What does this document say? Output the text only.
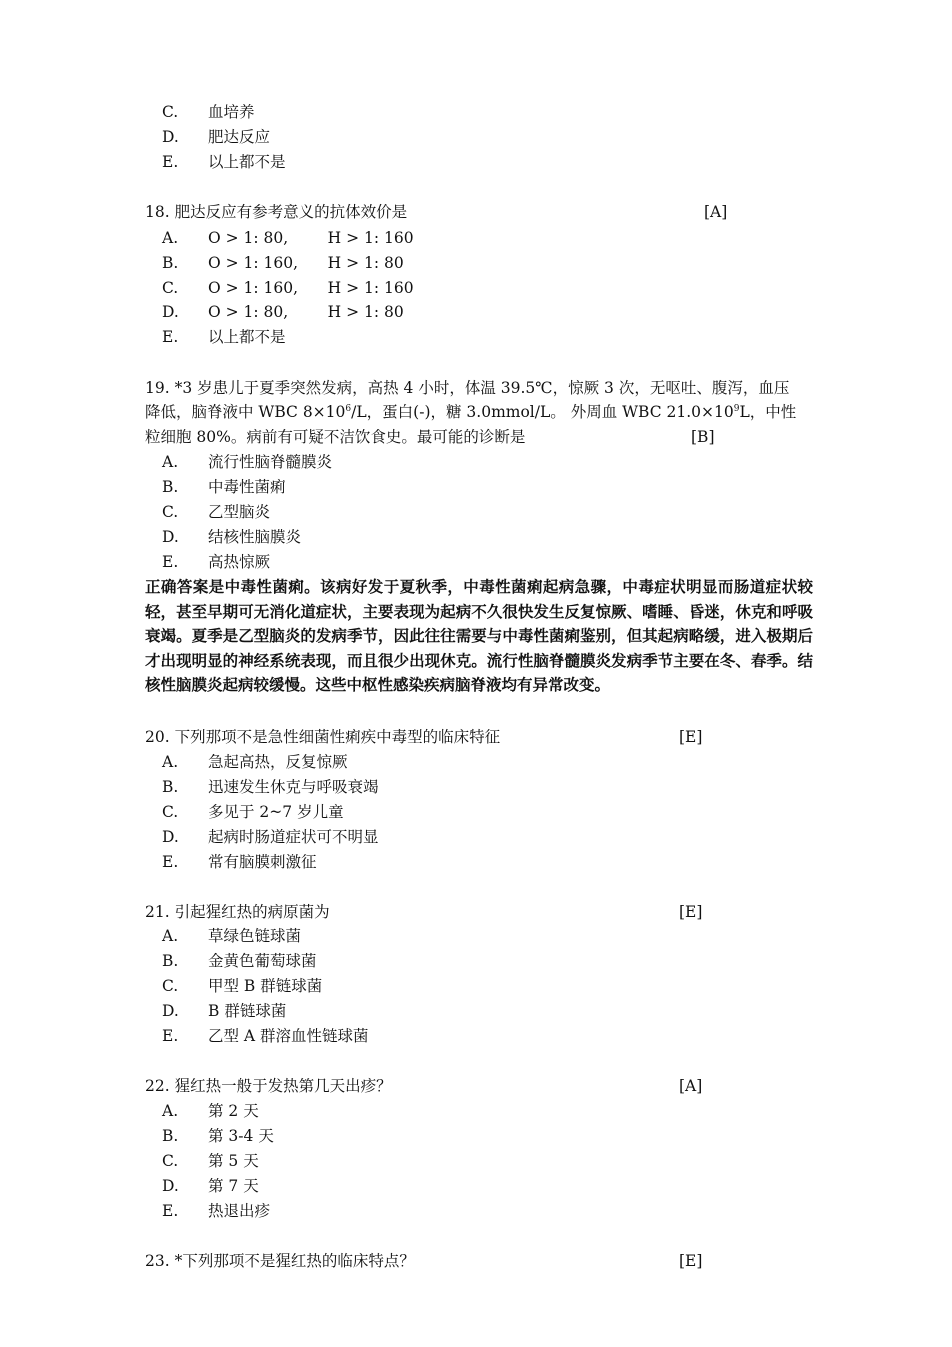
C. 血培养
D. 肥达反应
E. 以上都不是
18. 肥达反应有参考意义的抗体效价是	[A]
A. O > 1: 80,        H > 1: 160
B. O > 1: 160,      H > 1: 80
C. O > 1: 160,      H > 1: 160
D. O > 1: 80,        H > 1: 80
E. 以上都不是
19. *3 岁患儿于夏季突然发病，高热 4 小时，体温 39.5℃，惊厥 3 次，无呕吐、腹泻，血压
降低，脑脊液中 WBC $8\times 10^6/L$，蛋白(-)，糖 3.0mmol/L。 外周血 WBC $21.0\times 10^9L$，中性
粒细胞 80%。病前有可疑不洁饮食史。最可能的诊断是	[B]
A. 流行性脑脊髓膜炎
B. 中毒性菌痢
C. 乙型脑炎
D. 结核性脑膜炎
E. 高热惊厥
正确答案是中毒性菌痢。该病好发于夏秋季，中毒性菌痢起病急骤，中毒症状明显而肠道症状较轻，甚至早期可无消化道症状，主要表现为起病不久很快发生反复惊厥、嗜睡、昏迷，休克和呼吸衰竭。夏季是乙型脑炎的发病季节，因此往往需要与中毒性菌痢鉴别，但其起病略缓，进入极期后才出现明显的神经系统表现，而且很少出现休克。流行性脑脊髓膜炎发病季节主要在冬、春季。结核性脑膜炎起病较缓慢。这些中枢性感染疾病脑脊液均有异常改变。
20. 下列那项不是急性细菌性痢疾中毒型的临床特征	[E]
A. 急起高热，反复惊厥
B. 迅速发生休克与呼吸衰竭
C. 多见于 2~7 岁儿童
D. 起病时肠道症状可不明显
E. 常有脑膜刺激征
21. 引起猩红热的病原菌为	[E]
A. 草绿色链球菌
B. 金黄色葡萄球菌
C. 甲型 B 群链球菌
D. B 群链球菌
E. 乙型 A 群溶血性链球菌
22. 猩红热一般于发热第几天出疹？	[A]
A. 第 2 天
B. 第 3-4 天
C. 第 5 天
D. 第 7 天
E. 热退出疹
23. *下列那项不是猩红热的临床特点？	[E]
